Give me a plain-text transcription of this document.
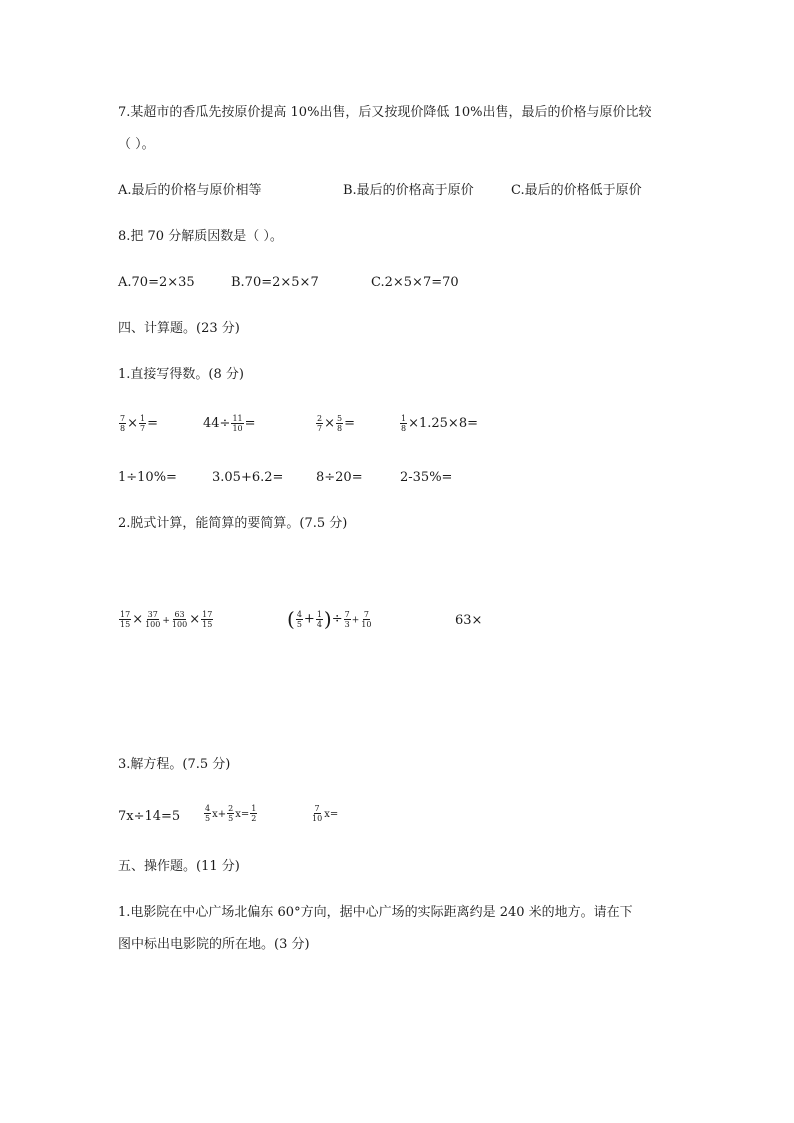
7.某超市的香瓜先按原价提高 10%出售，后又按现价降低 10%出售，最后的价格与原价比较
（ ）。
A.最后的价格与原价相等	B.最后的价格高于原价	C.最后的价格低于原价
8.把 70 分解质因数是（ ）。
A.70=2×35	B.70=2×5×7	C.2×5×7=70
四、计算题。(23 分)
1.直接写得数。(8 分)
$\frac{7}{8} \times \frac{1}{7}$ =	$44\div \frac{11}{10}$ =	$\frac{2}{7} \times \frac{5}{8}$ =	$\frac{1}{8} \times 1.25\times 8=$
1÷10%=	3.05+6.2=	8÷20=	2-35%=
2.脱式计算，能简算的要简算。(7.5 分)
$\frac{17}{15} \times \frac{37}{100} + \frac{63}{100} \times \frac{17}{15}$	( $\frac{4}{5} + \frac{1}{4}$ )÷ $\frac{7}{3} + \frac{7}{10}$	63×
3.解方程。(7.5 分)
7x÷14=5	$\frac{4}{5} x+ \frac{2}{5} x= \frac{1}{2}$	$\frac{7}{10} x=$
五、操作题。(11 分)
1.电影院在中心广场北偏东 60°方向，据中心广场的实际距离约是 240 米的地方。请在下
图中标出电影院的所在地。(3 分)
